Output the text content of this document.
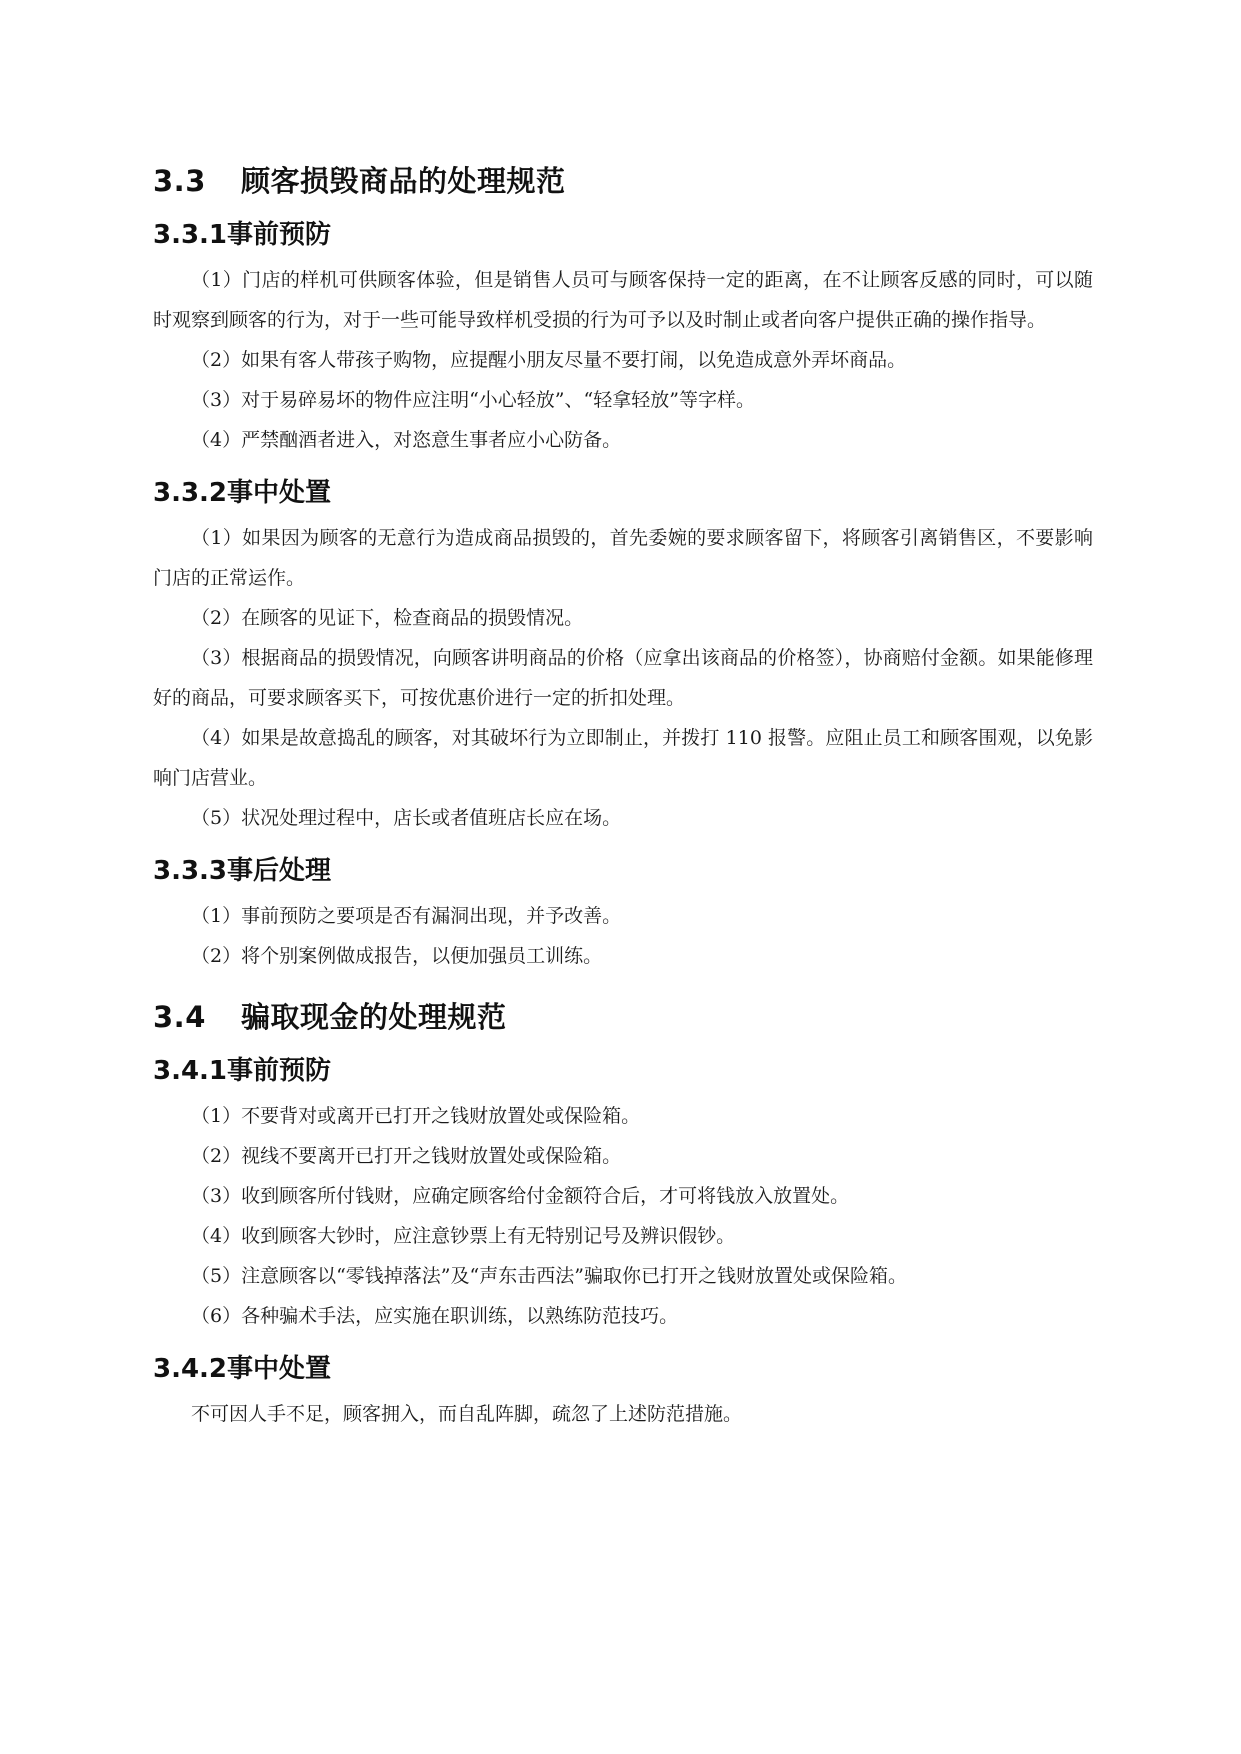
3.3 顾客损毁商品的处理规范
3.3.1事前预防

（1）门店的样机可供顾客体验，但是销售人员可与顾客保持一定的距离，在不让顾客反感的同时，可以随时观察到顾客的行为，对于一些可能导致样机受损的行为可予以及时制止或者向客户提供正确的操作指导。

（2）如果有客人带孩子购物，应提醒小朋友尽量不要打闹，以免造成意外弄坏商品。

（3）对于易碎易坏的物件应注明“小心轻放”、“轻拿轻放”等字样。

（4）严禁酗酒者进入，对恣意生事者应小心防备。

3.3.2事中处置

（1）如果因为顾客的无意行为造成商品损毁的，首先委婉的要求顾客留下，将顾客引离销售区，不要影响门店的正常运作。

（2）在顾客的见证下，检查商品的损毁情况。

（3）根据商品的损毁情况，向顾客讲明商品的价格（应拿出该商品的价格签），协商赔付金额。如果能修理好的商品，可要求顾客买下，可按优惠价进行一定的折扣处理。

（4）如果是故意捣乱的顾客，对其破坏行为立即制止，并拨打 110 报警。应阻止员工和顾客围观，以免影响门店营业。

（5）状况处理过程中，店长或者值班店长应在场。

3.3.3事后处理

（1）事前预防之要项是否有漏洞出现，并予改善。

（2）将个别案例做成报告，以便加强员工训练。

3.4 骗取现金的处理规范
3.4.1事前预防

（1）不要背对或离开已打开之钱财放置处或保险箱。

（2）视线不要离开已打开之钱财放置处或保险箱。

（3）收到顾客所付钱财，应确定顾客给付金额符合后，才可将钱放入放置处。

（4）收到顾客大钞时，应注意钞票上有无特别记号及辨识假钞。

（5）注意顾客以“零钱掉落法”及“声东击西法”骗取你已打开之钱财放置处或保险箱。

（6）各种骗术手法，应实施在职训练，以熟练防范技巧。

3.4.2事中处置

不可因人手不足，顾客拥入，而自乱阵脚，疏忽了上述防范措施。
